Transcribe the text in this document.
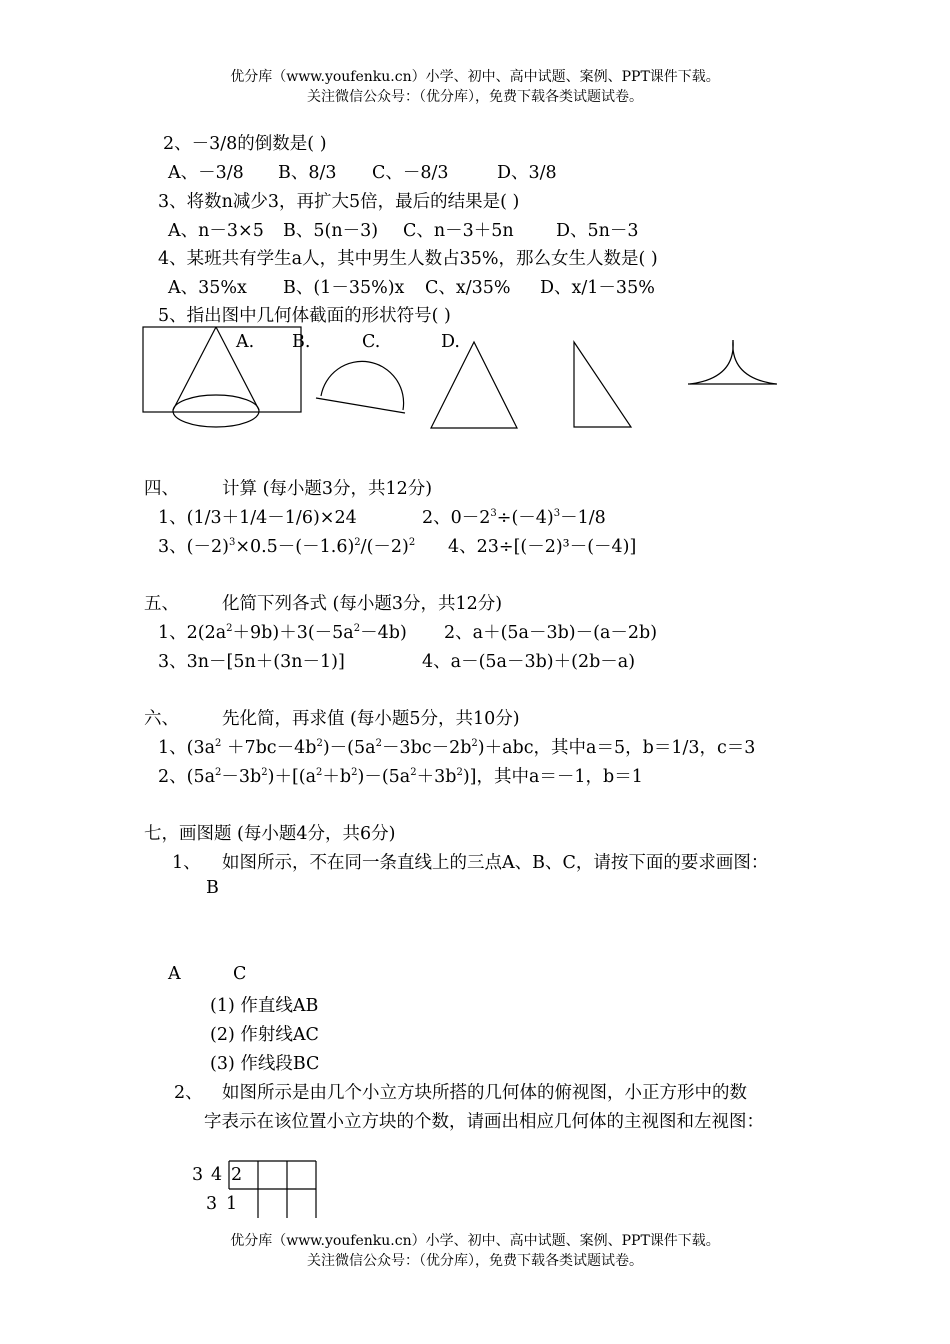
优分库（www.youfenku.cn）小学、初中、高中试题、案例、PPT课件下载。
关注微信公众号：（优分库），免费下载各类试题试卷。
2、－3/8的倒数是( )
A、－3/8 B、8/3 C、－8/3	D、3/8
3、将数n减少3，再扩大5倍，最后的结果是( )
A、n－3×5 B、5(n－3) C、n－3＋5n D、5n－3
4、某班共有学生a人，其中男生人数占35%，那么女生人数是( )
A、35%x B、(1－35%)x C、x/35% D、x/1－35%
5、指出图中几何体截面的形状符号( )
A. B.	C.	D.
四、 计算 (每小题3分，共12分)
1、(1/3＋1/4－1/6)×24	2、$0-2^3\div(-4)^3-1/8$
3、$(-2)^3\times 0.5-(-1.6)^2/(-2)^2$ 4、23÷[(－2)³－(－4)]
五、 化简下列各式 (每小题3分，共12分)
1、$2(2a^2+9b)+3(-5a^2-4b)$ 2、a＋(5a－3b)－(a－2b)
3、3n－[5n＋(3n－1)]	4、a－(5a－3b)＋(2b－a)
六、 先化简，再求值 (每小题5分，共10分)
1、$(3a^2 +7bc-4b^2)-(5a^2-3bc-2b^2)+abc$，其中a＝5，b＝1/3，c＝3
2、$(5a^2-3b^2)+[(a^2+b^2)-(5a^2+3b^2)]$，其中a＝－1，b＝1
七，画图题 (每小题4分，共6分)
1、 如图所示，不在同一条直线上的三点A、B、C，请按下面的要求画图：
B
A	C
(1) 作直线AB
(2) 作射线AC
(3) 作线段BC
2、 如图所示是由几个小立方块所搭的几何体的俯视图，小正方形中的数
字表示在该位置小立方块的个数，请画出相应几何体的主视图和左视图：
3 4
3 1
2
优分库（www.youfenku.cn）小学、初中、高中试题、案例、PPT课件下载。
关注微信公众号：（优分库），免费下载各类试题试卷。
